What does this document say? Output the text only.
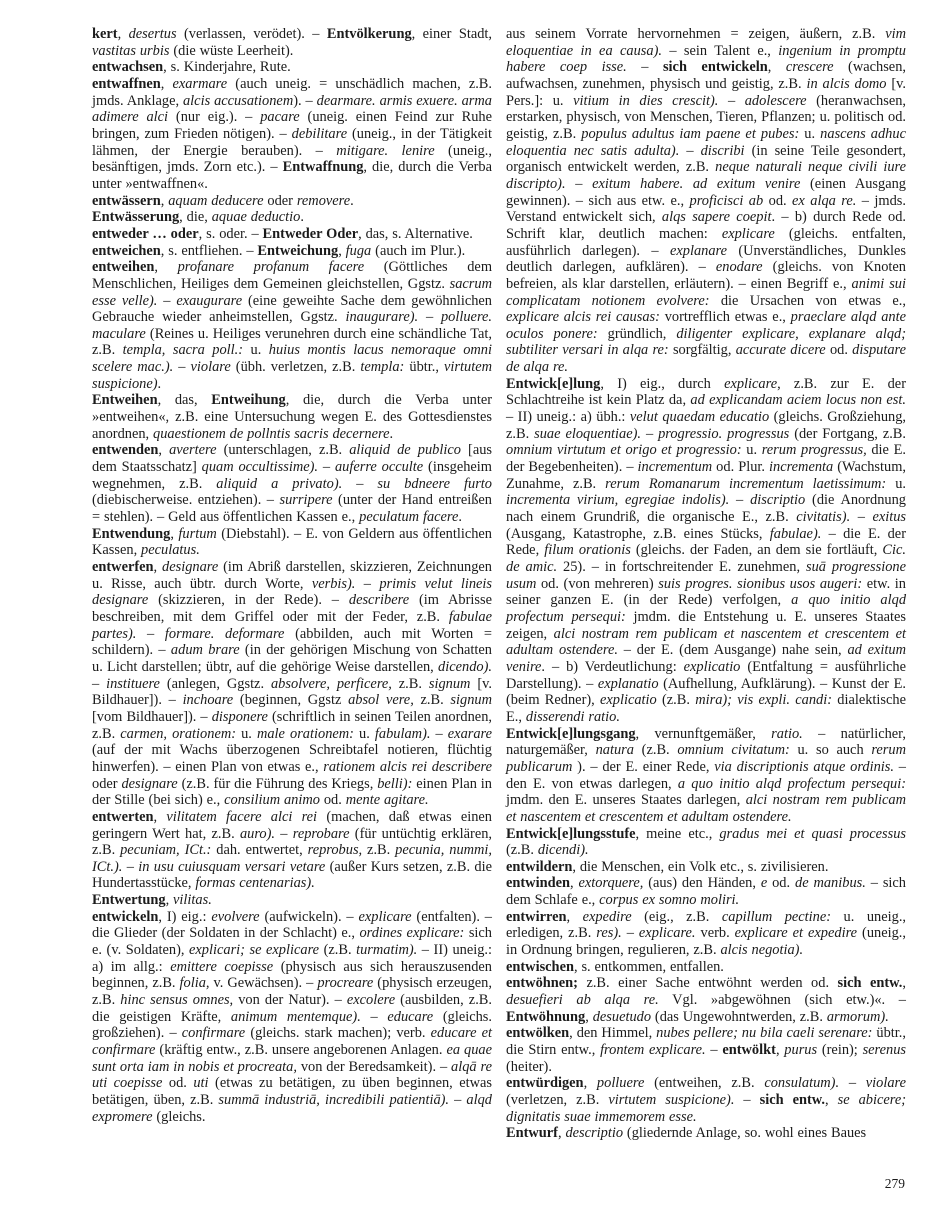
kert, desertus (verlassen, verödet). – Entvölkerung, einer Stadt, vastitas urbis (die wüste Leerheit).

entwachsen, s. Kinderjahre, Rute.

entwaffnen, exarmare (auch uneig. = unschädlich machen, z.B. jmds. Anklage, alcis accusationem). – dearmare. armis exuere. arma adimere alci (nur eig.). – pacare (uneig. einen Feind zur Ruhe bringen, zum Frieden nötigen). – debilitare (uneig., in der Tätigkeit lähmen, der Energie berauben). – mitigare. lenire (uneig., besänftigen, jmds. Zorn etc.). – Entwaffnung, die, durch die Verba unter »entwaffnen«.

entwässern, aquam deducere oder removere.

Entwässerung, die, aquae deductio.

entweder … oder, s. oder. – Entweder Oder, das, s. Alternative.

entweichen, s. entfliehen. – Entweichung, fuga (auch im Plur.).

entweihen, profanare profanum facere (Göttliches dem Menschlichen, Heiliges dem Gemeinen gleichstellen, Ggstz. sacrum esse velle). – exaugurare (eine geweihte Sache dem gewöhnlichen Gebrauche wieder anheimstellen, Ggstz. inaugurare). – polluere. maculare (Reines u. Heiliges verunehren durch eine schändliche Tat, z.B. templa, sacra poll.: u. huius montis lacus nemoraque omni scelere mac.). – violare (übh. verletzen, z.B. templa: übtr., virtutem suspicione).

Entweihen, das, Entweihung, die, durch die Verba unter »entweihen«, z.B. eine Untersuchung wegen E. des Gottesdienstes anordnen, quaestionem de pollntis sacris decernere.

entwenden, avertere (unterschlagen, z.B. aliquid de publico [aus dem Staatsschatz] quam occultissime). – auferre occulte (insgeheim wegnehmen, z.B. aliquid a privato). – su bdneere furto (diebischerweise. entziehen). – surripere (unter der Hand entreißen = stehlen). – Geld aus öffentlichen Kassen e., peculatum facere.

Entwendung, furtum (Diebstahl). – E. von Geldern aus öffentlichen Kassen, peculatus.

entwerfen, designare (im Abriß darstellen, skizzieren, Zeichnungen u. Risse, auch übtr. durch Worte, verbis). – primis velut lineis designare (skizzieren, in der Rede). – describere (im Abrisse beschreiben, mit dem Griffel oder mit der Feder, z.B. fabulae partes). – formare. deformare (abbilden, auch mit Worten = schildern). – adum brare (in der gehörigen Mischung von Schatten u. Licht darstellen; übtr, auf die gehörige Weise darstellen, dicendo). – instituere (anlegen, Ggstz. absolvere, perficere, z.B. signum [v. Bildhauer]). – inchoare (beginnen, Ggstz absol vere, z.B. signum [vom Bildhauer]). – disponere (schriftlich in seinen Teilen anordnen, z.B. carmen, orationem: u. male orationem: u. fabulam). – exarare (auf der mit Wachs überzogenen Schreibtafel notieren, flüchtig hinwerfen). – einen Plan von etwas e., rationem alcis rei describere oder designare (z.B. für die Führung des Kriegs, belli): einen Plan in der Stille (bei sich) e., consilium animo od. mente agitare.

entwerten, vilitatem facere alci rei (machen, daß etwas einen geringern Wert hat, z.B. auro). – reprobare (für untüchtig erklären, z.B. pecuniam, ICt.: dah. entwertet, reprobus, z.B. pecunia, nummi, ICt.). – in usu cuiusquam versari vetare (außer Kurs setzen, z.B. die Hundertasstücke, formas centenarias).

Entwertung, vilitas.

entwickeln, I) eig.: evolvere (aufwickeln). – explicare (entfalten). – die Glieder (der Soldaten in der Schlacht) e., ordines explicare: sich e. (v. Soldaten), explicari; se explicare (z.B. turmatim). – II) uneig.: a) im allg.: emittere coepisse (physisch aus sich herauszusenden beginnen, z.B. folia, v. Gewächsen). – procreare (physisch erzeugen, z.B. hinc sensus omnes, von der Natur). – excolere (ausbilden, z.B. die geistigen Kräfte, animum mentemque). – educare (gleichs. großziehen). – confirmare (gleichs. stark machen); verb. educare et confirmare (kräftig entw., z.B. unsere angeborenen Anlagen. ea quae sunt orta iam in nobis et procreata, von der Beredsamkeit). – alqā re uti coepisse od. uti (etwas zu betätigen, zu üben beginnen, etwas betätigen, üben, z.B. summā industriā, incredibili patientiā). – alqd expromere (gleichs.

aus seinem Vorrate hervornehmen = zeigen, äußern, z.B. vim eloquentiae in ea causa). – sein Talent e., ingenium in promptu habere coep isse. – sich entwickeln, crescere (wachsen, aufwachsen, zunehmen, physisch und geistig, z.B. in alcis domo [v. Pers.]: u. vitium in dies crescit). – adolescere (heranwachsen, erstarken, physisch, von Menschen, Tieren, Pflanzen; u. politisch od. geistig, z.B. populus adultus iam paene et pubes: u. nascens adhuc eloquentia nec satis adulta). – discribi (in seine Teile gesondert, organisch entwickelt werden, z.B. neque naturali neque civili iure discripto). – exitum habere. ad exitum venire (einen Ausgang gewinnen). – sich aus etw. e., proficisci ab od. ex alqa re. – jmds. Verstand entwickelt sich, alqs sapere coepit. – b) durch Rede od. Schrift klar, deutlich machen: explicare (gleichs. entfalten, ausführlich darlegen). – explanare (Unverständliches, Dunkles deutlich darlegen, aufklären). – enodare (gleichs. von Knoten befreien, als klar darstellen, erläutern). – einen Begriff e., animi sui complicatam notionem evolvere: die Ursachen von etwas e., explicare alcis rei causas: vortrefflich etwas e., praeclare alqd ante oculos ponere: gründlich, diligenter explicare, explanare alqd; subtiliter versari in alqa re: sorgfältig, accurate dicere od. disputare de alqa re.

Entwick[e]lung, I) eig., durch explicare, z.B. zur E. der Schlachtreihe ist kein Platz da, ad explicandam aciem locus non est. – II) uneig.: a) übh.: velut quaedam educatio (gleichs. Großziehung, z.B. suae eloquentiae). – progressio. progressus (der Fortgang, z.B. omnium virtutum et origo et progressio: u. rerum progressus, die E. der Begebenheiten). – incrementum od. Plur. incrementa (Wachstum, Zunahme, z.B. rerum Romanarum incrementum laetissimum: u. incrementa virium, egregiae indolis). – discriptio (die Anordnung nach einem Grundriß, die organische E., z.B. civitatis). – exitus (Ausgang, Katastrophe, z.B. eines Stücks, fabulae). – die E. der Rede, filum orationis (gleichs. der Faden, an dem sie fortläuft, Cic. de amic. 25). – in fortschreitender E. zunehmen, suā progressione usum od. (von mehreren) suis progres. sionibus usos augeri: etw. in seiner ganzen E. (in der Rede) verfolgen, a quo initio alqd profectum persequi: jmdm. die Entstehung u. E. unseres Staates zeigen, alci nostram rem publicam et nascentem et crescentem et adultam ostendere. – der E. (dem Ausgange) nahe sein, ad exitum venire. – b) Verdeutlichung: explicatio (Entfaltung = ausführliche Darstellung). – explanatio (Aufhellung, Aufklärung). – Kunst der E. (beim Redner), explicatio (z.B. mira); vis expli. candi: dialektische E., disserendi ratio.

Entwick[e]lungsgang, vernunftgemäßer, ratio. – natürlicher, naturgemäßer, natura (z.B. omnium civitatum: u. so auch rerum publicarum ). – der E. einer Rede, via discriptionis atque ordinis. – den E. von etwas darlegen, a quo initio alqd profectum persequi: jmdm. den E. unseres Staates darlegen, alci nostram rem publicam et nascentem et crescentem et adultam ostendere.

Entwick[e]lungsstufe, meine etc., gradus mei et quasi processus (z.B. dicendi).

entwildern, die Menschen, ein Volk etc., s. zivilisieren.

entwinden, extorquere, (aus) den Händen, e od. de manibus. – sich dem Schlafe e., corpus ex somno moliri.

entwirren, expedire (eig., z.B. capillum pectine: u. uneig., erledigen, z.B. res). – explicare. verb. explicare et expedire (uneig., in Ordnung bringen, regulieren, z.B. alcis negotia).

entwischen, s. entkommen, entfallen.

entwöhnen; z.B. einer Sache entwöhnt werden od. sich entw., desuefieri ab alqa re. Vgl. »abgewöhnen (sich etw.)«. – Entwöhnung, desuetudo (das Ungewohntwerden, z.B. armorum).

entwölken, den Himmel, nubes pellere; nu bila caeli serenare: übtr., die Stirn entw., frontem explicare. – entwölkt, purus (rein); serenus (heiter).

entwürdigen, polluere (entweihen, z.B. consulatum). – violare (verletzen, z.B. virtutem suspicione). – sich entw., se abicere; dignitatis suae immemorem esse.

Entwurf, descriptio (gliedernde Anlage, so. wohl eines Baues

279
